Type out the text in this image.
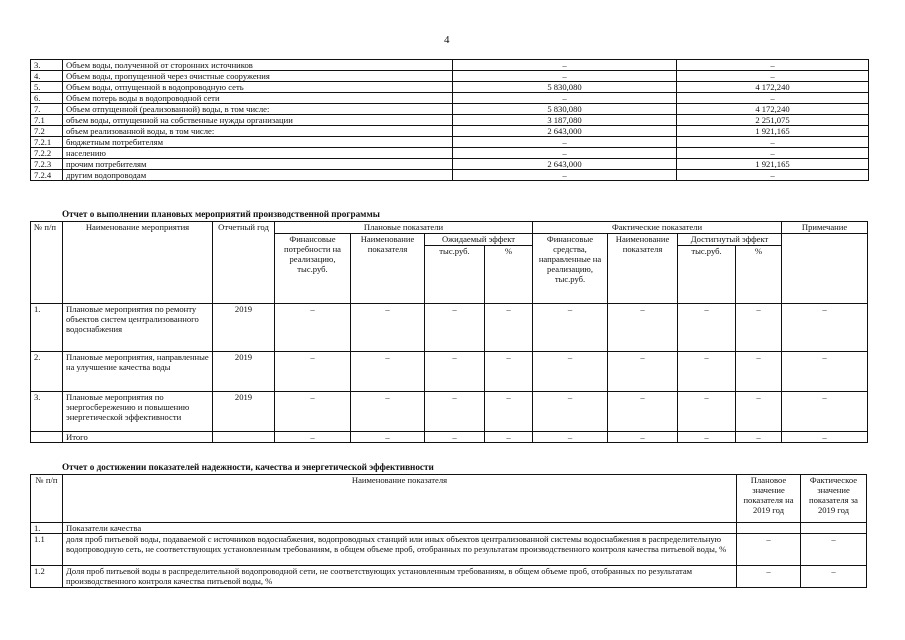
4
3.	Объем воды, полученной от сторонних источников	–	–
4.	Объем воды, пропущенной через очистные сооружения	–	–
5.	Объем воды, отпущенной в водопроводную сеть	5 830,080	4 172,240
6.	Объем потерь воды в водопроводной сети	–	–
7.	Объем отпущенной (реализованной) воды, в том числе:	5 830,080	4 172,240
7.1	объем воды, отпущенной на собственные нужды организации	3 187,080	2 251,075
7.2	объем реализованной воды, в том числе:	2 643,000	1 921,165
7.2.1	бюджетным потребителям	–	–
7.2.2	населению	–	–
7.2.3	прочим потребителям	2 643,000	1 921,165
7.2.4	другим водопроводам	–	–
Отчет о выполнении плановых мероприятий производственной программы
№ п/п	Наименование мероприятия	Отчетный год	Плановые показатели				Фактические показатели				Примечание
			Финансовые потребности на реализацию, тыс.руб.	Наименование показателя	Ожидаемый эффект		Финансовые средства, направленные на реализацию, тыс.руб.	Наименование показателя	Достигнутый эффект		
					тыс.руб.	%			тыс.руб.	%	
1.	Плановые мероприятия по ремонту объектов систем централизованного водоснабжения	2019	–	–	–	–	–	–	–	–	–
2.	Плановые мероприятия, направленные на улучшение качества воды	2019	–	–	–	–	–	–	–	–	–
3.	Плановые мероприятия по энергосбережению и повышению энергетической эффективности	2019	–	–	–	–	–	–	–	–	–
	Итого		–	–	–	–	–	–	–	–	–
Отчет о достижении показателей надежности, качества и энергетической эффективности
№ п/п	Наименование показателя	Плановое значение показателя на 2019 год	Фактическое значение показателя за 2019 год
1.	Показатели качества		
1.1	доля проб питьевой воды, подаваемой с источников водоснабжения, водопроводных станций или иных объектов централизованной системы водоснабжения в распределительную водопроводную сеть, не соответствующих установленным требованиям, в общем объеме проб, отобранных по результатам производственного контроля качества питьевой воды, %	–	–
1.2	Доля проб питьевой воды в распределительной водопроводной сети, не соответствующих установленным требованиям, в общем объеме проб, отобранных по результатам производственного контроля качества питьевой воды, %	–	–
